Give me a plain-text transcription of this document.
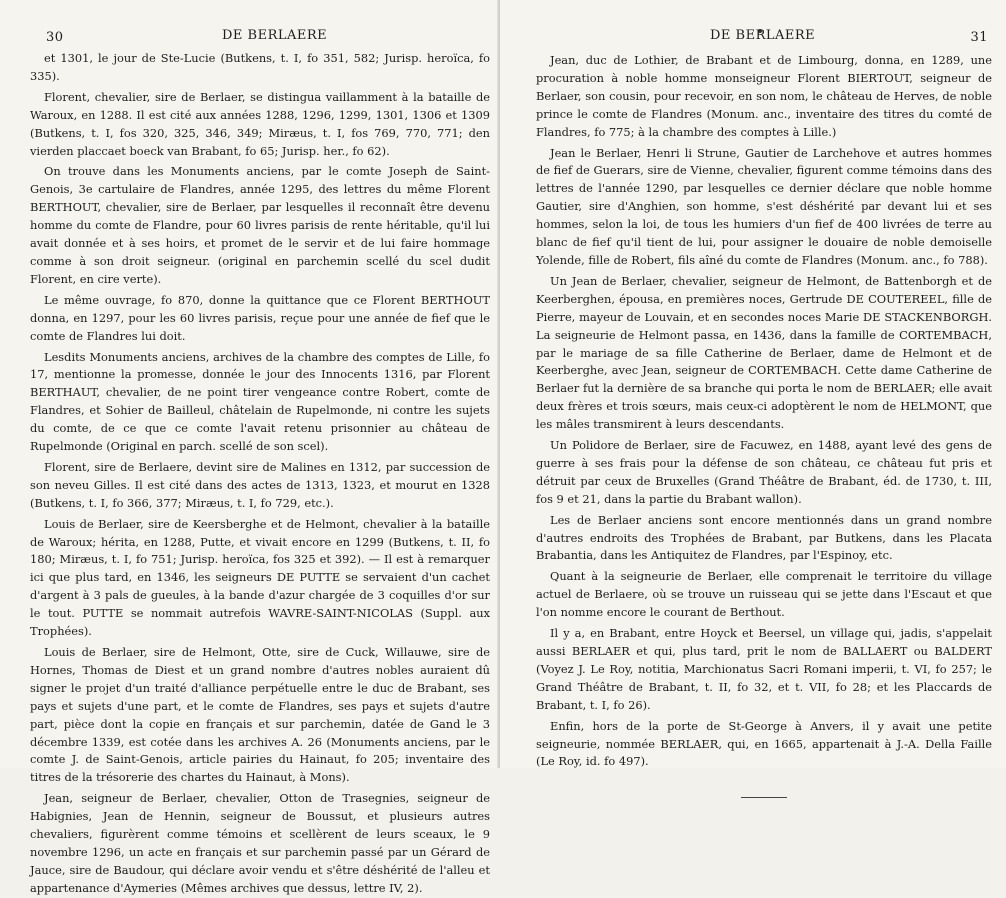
30	DE BERLAERE

et 1301, le jour de Ste-Lucie (Butkens, t. I, fo 351, 582; Jurisp. heroïca, fo 335).

Florent, chevalier, sire de Berlaer, se distingua vaillamment à la bataille de Waroux, en 1288. Il est cité aux années 1288, 1296, 1299, 1301, 1306 et 1309 (Butkens, t. I, fos 320, 325, 346, 349; Miræus, t. I, fos 769, 770, 771; den vierden placcaet boeck van Brabant, fo 65; Jurisp. her., fo 62).

On trouve dans les Monuments anciens, par le comte Joseph de Saint-Genois, 3e cartulaire de Flandres, année 1295, des lettres du même Florent BERTHOUT, chevalier, sire de Berlaer, par lesquelles il reconnaît être devenu homme du comte de Flandre, pour 60 livres parisis de rente héritable, qu'il lui avait donnée et à ses hoirs, et promet de le servir et de lui faire hommage comme à son droit seigneur. (original en parchemin scellé du scel dudit Florent, en cire verte).

Le même ouvrage, fo 870, donne la quittance que ce Florent BERTHOUT donna, en 1297, pour les 60 livres parisis, reçue pour une année de fief que le comte de Flandres lui doit.

Lesdits Monuments anciens, archives de la chambre des comptes de Lille, fo 17, mentionne la promesse, donnée le jour des Innocents 1316, par Florent BERTHAUT, chevalier, de ne point tirer vengeance contre Robert, comte de Flandres, et Sohier de Bailleul, châtelain de Rupelmonde, ni contre les sujets du comte, de ce que ce comte l'avait retenu prisonnier au château de Rupelmonde (Original en parch. scellé de son scel).

Florent, sire de Berlaere, devint sire de Malines en 1312, par succession de son neveu Gilles. Il est cité dans des actes de 1313, 1323, et mourut en 1328 (Butkens, t. I, fo 366, 377; Miræus, t. I, fo 729, etc.).

Louis de Berlaer, sire de Keersberghe et de Helmont, chevalier à la bataille de Waroux; hérita, en 1288, Putte, et vivait encore en 1299 (Butkens, t. II, fo 180; Miræus, t. I, fo 751; Jurisp. heroïca, fos 325 et 392). — Il est à remarquer ici que plus tard, en 1346, les seigneurs DE PUTTE se servaient d'un cachet d'argent à 3 pals de gueules, à la bande d'azur chargée de 3 coquilles d'or sur le tout. PUTTE se nommait autrefois WAVRE-SAINT-NICOLAS (Suppl. aux Trophées).

Louis de Berlaer, sire de Helmont, Otte, sire de Cuck, Willauwe, sire de Hornes, Thomas de Diest et un grand nombre d'autres nobles auraient dû signer le projet d'un traité d'alliance perpétuelle entre le duc de Brabant, ses pays et sujets d'une part, et le comte de Flandres, ses pays et sujets d'autre part, pièce dont la copie en français et sur parchemin, datée de Gand le 3 décembre 1339, est cotée dans les archives A. 26 (Monuments anciens, par le comte J. de Saint-Genois, article pairies du Hainaut, fo 205; inventaire des titres de la trésorerie des chartes du Hainaut, à Mons).

Jean, seigneur de Berlaer, chevalier, Otton de Trasegnies, seigneur de Habignies, Jean de Hennin, seigneur de Boussut, et plusieurs autres chevaliers, figurèrent comme témoins et scellèrent de leurs sceaux, le 9 novembre 1296, un acte en français et sur parchemin passé par un Gérard de Jauce, sire de Baudour, qui déclare avoir vendu et s'être déshérité de l'alleu et appartenance d'Aymeries (Mêmes archives que dessus, lettre IV, 2).

DE BERLAERE	31

Jean, duc de Lothier, de Brabant et de Limbourg, donna, en 1289, une procuration à noble homme monseigneur Florent BIERTOUT, seigneur de Berlaer, son cousin, pour recevoir, en son nom, le château de Herves, de noble prince le comte de Flandres (Monum. anc., inventaire des titres du comté de Flandres, fo 775; à la chambre des comptes à Lille.)

Jean le Berlaer, Henri li Strune, Gautier de Larchehove et autres hommes de fief de Guerars, sire de Vienne, chevalier, figurent comme témoins dans des lettres de l'année 1290, par lesquelles ce dernier déclare que noble homme Gautier, sire d'Anghien, son homme, s'est déshérité par devant lui et ses hommes, selon la loi, de tous les humiers d'un fief de 400 livrées de terre au blanc de fief qu'il tient de lui, pour assigner le douaire de noble demoiselle Yolende, fille de Robert, fils aîné du comte de Flandres (Monum. anc., fo 788).

Un Jean de Berlaer, chevalier, seigneur de Helmont, de Battenborgh et de Keerberghen, épousa, en premières noces, Gertrude DE COUTEREEL, fille de Pierre, mayeur de Louvain, et en secondes noces Marie DE STACKENBORGH. La seigneurie de Helmont passa, en 1436, dans la famille de CORTEMBACH, par le mariage de sa fille Catherine de Berlaer, dame de Helmont et de Keerberghe, avec Jean, seigneur de CORTEMBACH. Cette dame Catherine de Berlaer fut la dernière de sa branche qui porta le nom de BERLAER; elle avait deux frères et trois sœurs, mais ceux-ci adoptèrent le nom de HELMONT, que les mâles transmirent à leurs descendants.

Un Polidore de Berlaer, sire de Facuwez, en 1488, ayant levé des gens de guerre à ses frais pour la défense de son château, ce château fut pris et détruit par ceux de Bruxelles (Grand Théâtre de Brabant, éd. de 1730, t. III, fos 9 et 21, dans la partie du Brabant wallon).

Les de Berlaer anciens sont encore mentionnés dans un grand nombre d'autres endroits des Trophées de Brabant, par Butkens, dans les Placata Brabantia, dans les Antiquitez de Flandres, par l'Espinoy, etc.

Quant à la seigneurie de Berlaer, elle comprenait le territoire du village actuel de Berlaere, où se trouve un ruisseau qui se jette dans l'Escaut et que l'on nomme encore le courant de Berthout.

Il y a, en Brabant, entre Hoyck et Beersel, un village qui, jadis, s'appelait aussi BERLAER et qui, plus tard, prit le nom de BALLAERT ou BALDERT (Voyez J. Le Roy, notitia, Marchionatus Sacri Romani imperii, t. VI, fo 257; le Grand Théâtre de Brabant, t. II, fo 32, et t. VII, fo 28; et les Placcards de Brabant, t. I, fo 26).

Enfin, hors de la porte de St-George à Anvers, il y avait une petite seigneurie, nommée BERLAER, qui, en 1665, appartenait à J.-A. Della Faille (Le Roy, id. fo 497).
